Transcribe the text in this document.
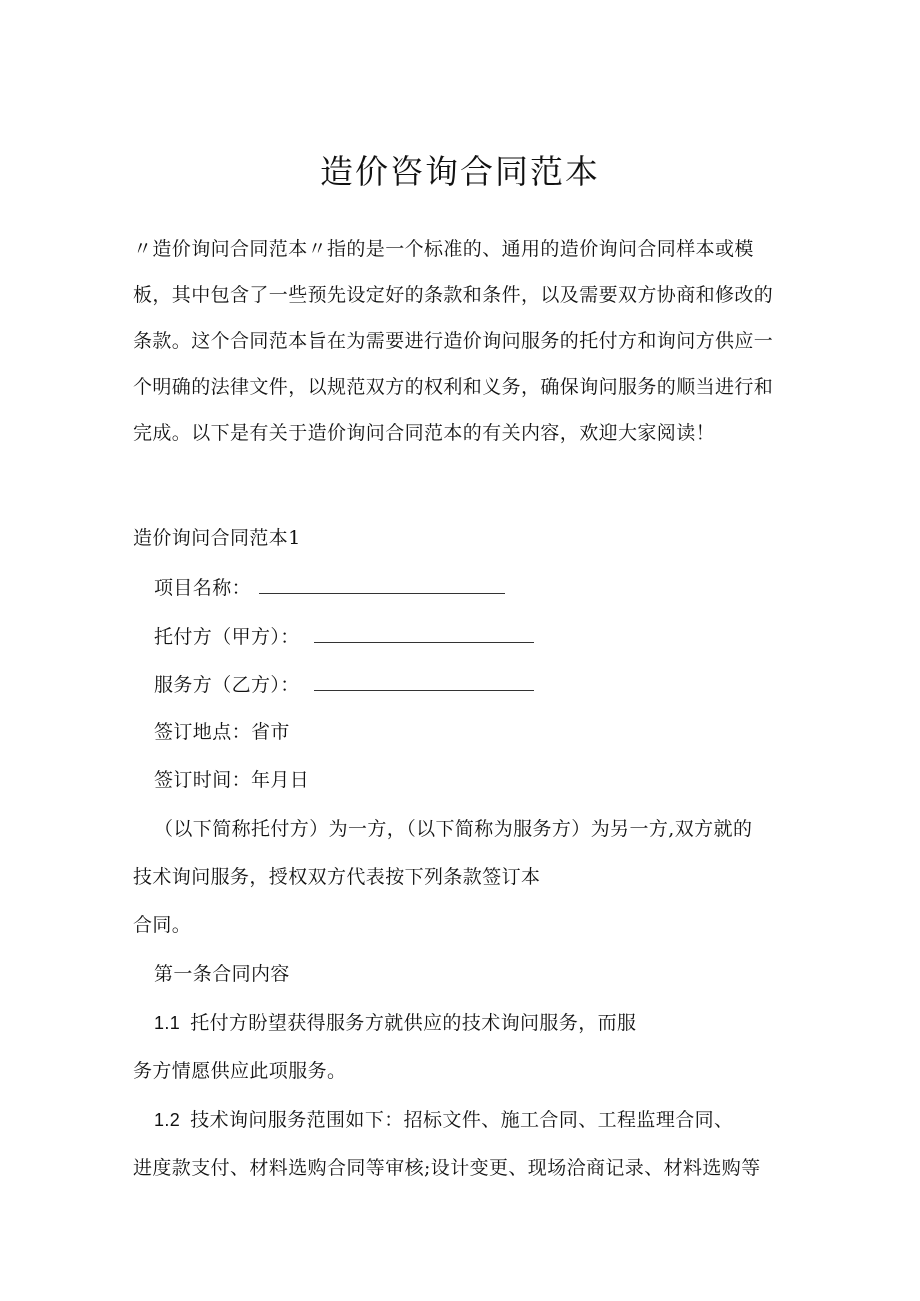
造价咨询合同范本

〃造价询问合同范本〃指的是一个标准的、通用的造价询问合同样本或模

板，其中包含了一些预先设定好的条款和条件，以及需要双方协商和修改的

条款。这个合同范本旨在为需要进行造价询问服务的托付方和询问方供应一

个明确的法律文件，以规范双方的权利和义务，确保询问服务的顺当进行和

完成。以下是有关于造价询问合同范本的有关内容，欢迎大家阅读！

造价询问合同范本1
项目名称：
托付方（甲方）：
服务方（乙方）：
签订地点：省市
签订时间：年月日
（以下简称托付方）为一方，（以下简称为服务方）为另一方,双方就的
技术询问服务，授权双方代表按下列条款签订本
合同。
第一条合同内容
1.1 托付方盼望获得服务方就供应的技术询问服务，而服
务方情愿供应此项服务。
1.2 技术询问服务范围如下：招标文件、施工合同、工程监理合同、
进度款支付、材料选购合同等审核;设计变更、现场洽商记录、材料选购等
